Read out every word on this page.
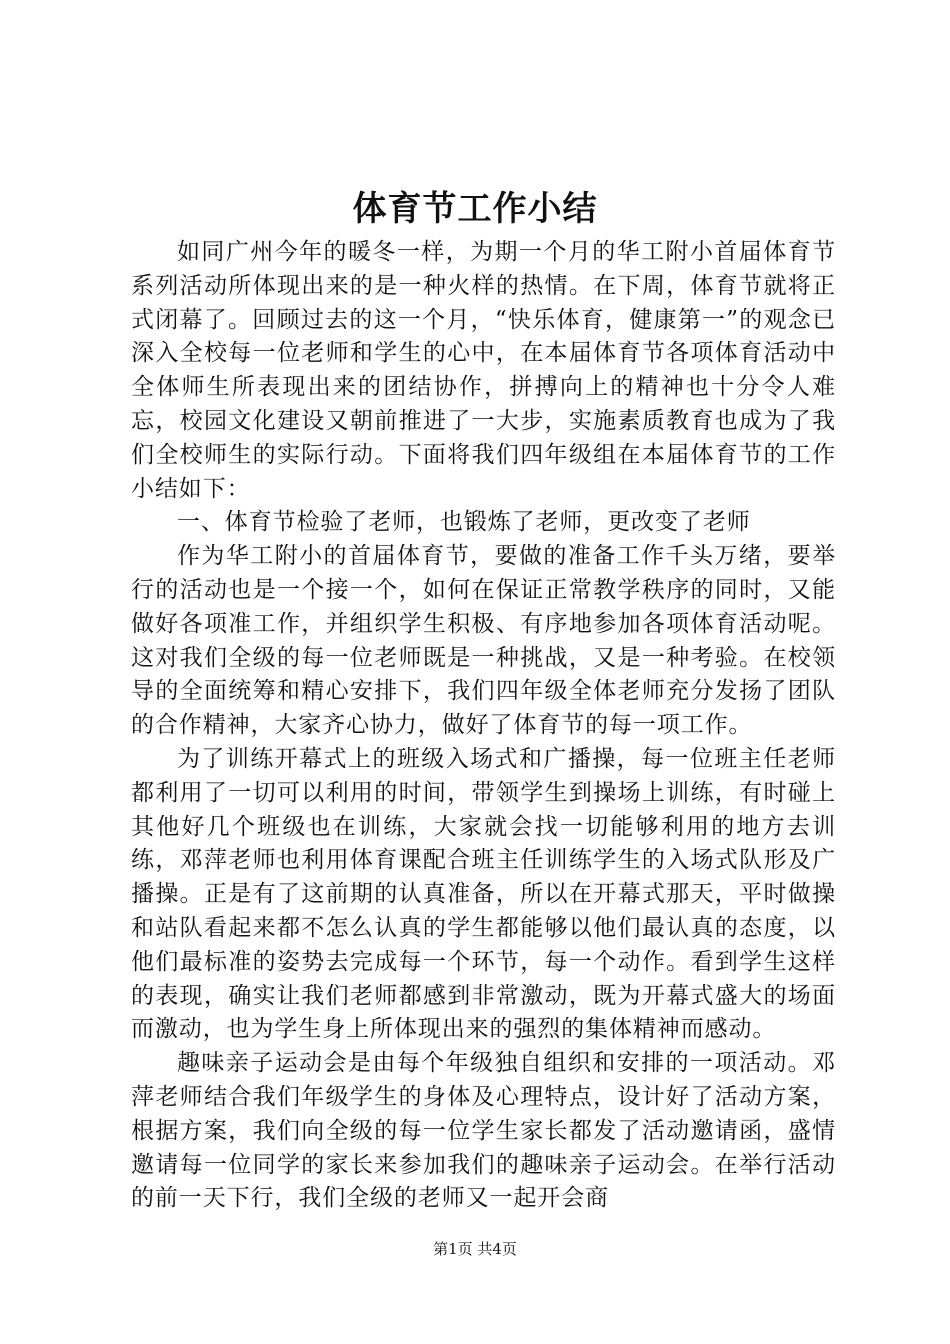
体育节工作小结

如同广州今年的暖冬一样，为期一个月的华工附小首届体育节系列活动所体现出来的是一种火样的热情。在下周，体育节就将正式闭幕了。回顾过去的这一个月，“快乐体育，健康第一”的观念已深入全校每一位老师和学生的心中，在本届体育节各项体育活动中全体师生所表现出来的团结协作，拼搏向上的精神也十分令人难忘，校园文化建设又朝前推进了一大步，实施素质教育也成为了我们全校师生的实际行动。下面将我们四年级组在本届体育节的工作小结如下：

一、体育节检验了老师，也锻炼了老师，更改变了老师

作为华工附小的首届体育节，要做的准备工作千头万绪，要举行的活动也是一个接一个，如何在保证正常教学秩序的同时，又能做好各项准工作，并组织学生积极、有序地参加各项体育活动呢。这对我们全级的每一位老师既是一种挑战，又是一种考验。在校领导的全面统筹和精心安排下，我们四年级全体老师充分发扬了团队的合作精神，大家齐心协力，做好了体育节的每一项工作。

为了训练开幕式上的班级入场式和广播操，每一位班主任老师都利用了一切可以利用的时间，带领学生到操场上训练，有时碰上其他好几个班级也在训练，大家就会找一切能够利用的地方去训练，邓萍老师也利用体育课配合班主任训练学生的入场式队形及广播操。正是有了这前期的认真准备，所以在开幕式那天，平时做操和站队看起来都不怎么认真的学生都能够以他们最认真的态度，以他们最标准的姿势去完成每一个环节，每一个动作。看到学生这样的表现，确实让我们老师都感到非常激动，既为开幕式盛大的场面而激动，也为学生身上所体现出来的强烈的集体精神而感动。

趣味亲子运动会是由每个年级独自组织和安排的一项活动。邓萍老师结合我们年级学生的身体及心理特点，设计好了活动方案，根据方案，我们向全级的每一位学生家长都发了活动邀请函，盛情邀请每一位同学的家长来参加我们的趣味亲子运动会。在举行活动的前一天下行，我们全级的老师又一起开会商

第1页 共4页
